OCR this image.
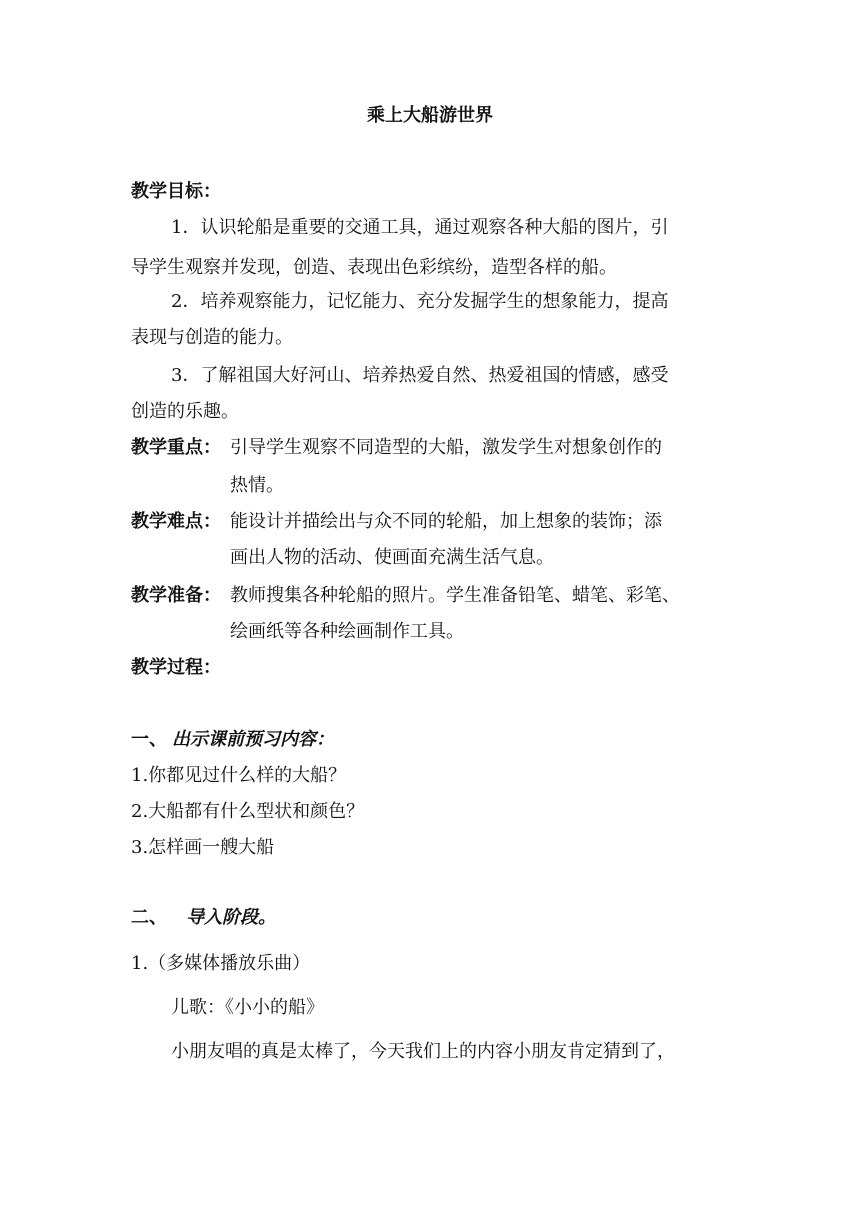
乘上大船游世界
教学目标：
1．认识轮船是重要的交通工具，通过观察各种大船的图片，引
导学生观察并发现，创造、表现出色彩缤纷，造型各样的船。
2．培养观察能力，记忆能力、充分发掘学生的想象能力，提高
表现与创造的能力。
3．了解祖国大好河山、培养热爱自然、热爱祖国的情感，感受
创造的乐趣。
教学重点： 引导学生观察不同造型的大船，激发学生对想象创作的
热情。
教学难点： 能设计并描绘出与众不同的轮船，加上想象的装饰；添
画出人物的活动、使画面充满生活气息。
教学准备： 教师搜集各种轮船的照片。学生准备铅笔、蜡笔、彩笔、
绘画纸等各种绘画制作工具。
教学过程：
一、 出示课前预习内容：
1.你都见过什么样的大船？
2.大船都有什么型状和颜色？
3.怎样画一艘大船
二、 导入阶段。
1.（多媒体播放乐曲）
儿歌：《小小的船》
小朋友唱的真是太棒了，今天我们上的内容小朋友肯定猜到了，
